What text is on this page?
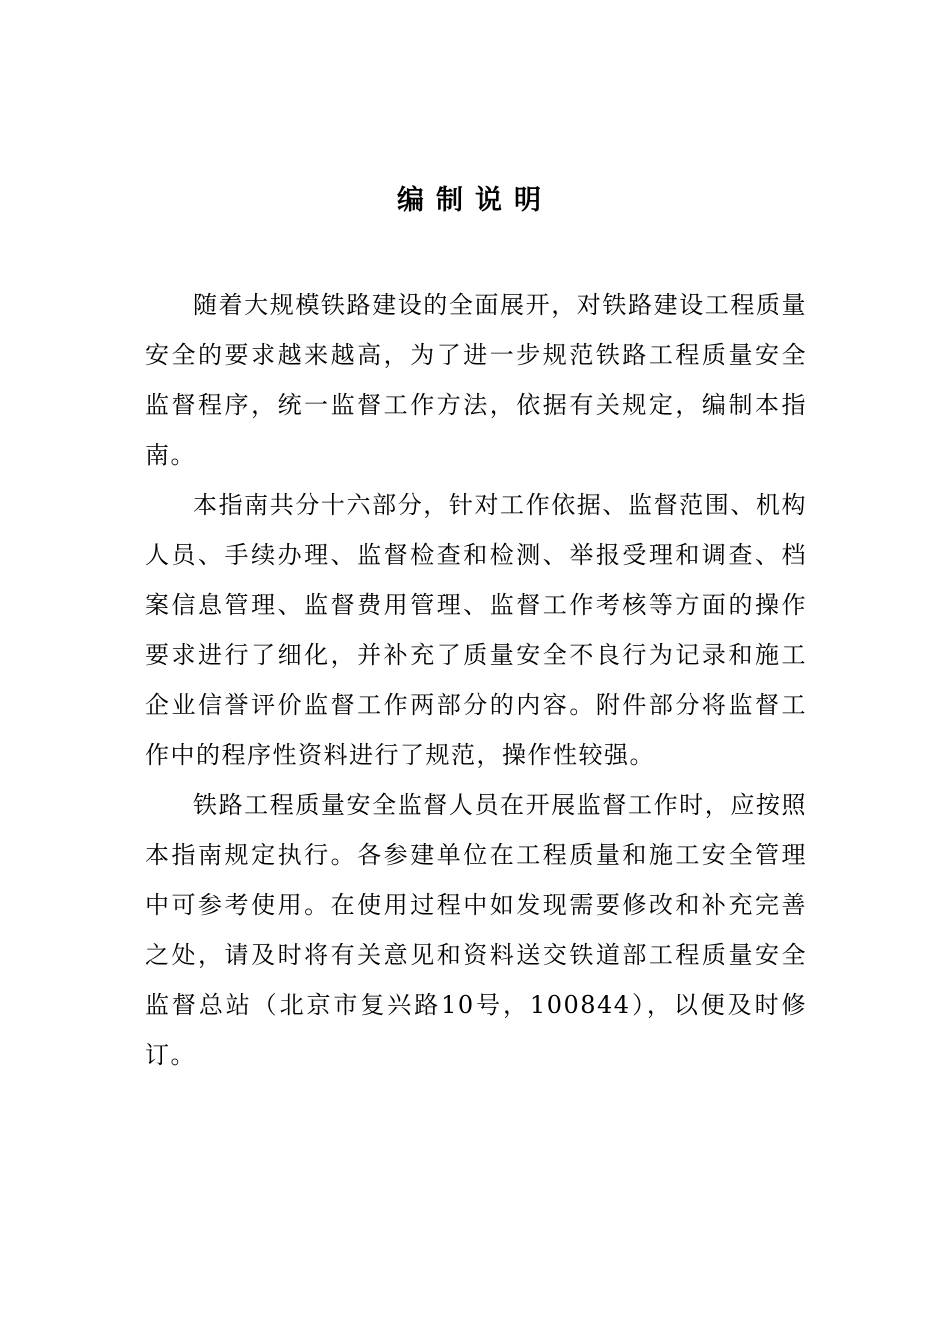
编制说明

随着大规模铁路建设的全面展开，对铁路建设工程质量安全的要求越来越高，为了进一步规范铁路工程质量安全监督程序，统一监督工作方法，依据有关规定，编制本指南。

本指南共分十六部分，针对工作依据、监督范围、机构人员、手续办理、监督检查和检测、举报受理和调查、档案信息管理、监督费用管理、监督工作考核等方面的操作要求进行了细化，并补充了质量安全不良行为记录和施工企业信誉评价监督工作两部分的内容。附件部分将监督工作中的程序性资料进行了规范，操作性较强。

铁路工程质量安全监督人员在开展监督工作时，应按照本指南规定执行。各参建单位在工程质量和施工安全管理中可参考使用。在使用过程中如发现需要修改和补充完善之处，请及时将有关意见和资料送交铁道部工程质量安全监督总站（北京市复兴路10号，100844），以便及时修订。
